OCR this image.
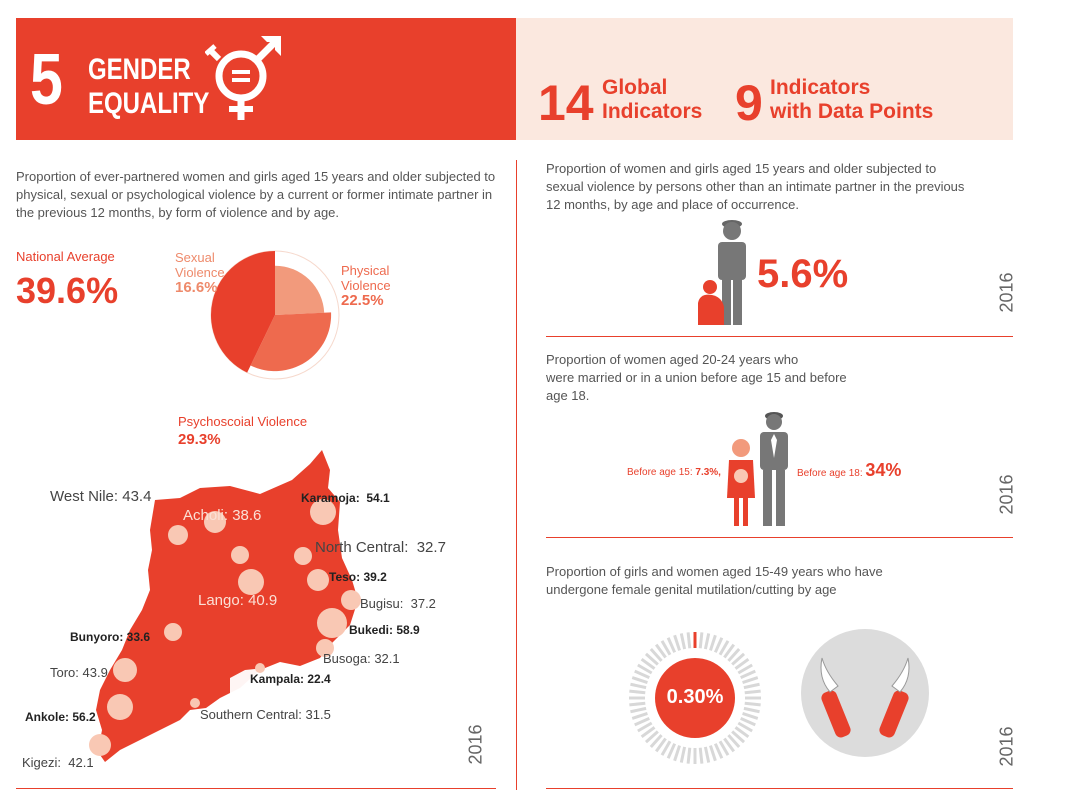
5 GENDER
EQUALITY	14 Global
Indicators 9 Indicators
with Data Points
Proportion of ever-partnered women and girls aged 15 years and older subjected to physical, sexual or psychological violence by a current or former intimate partner in the previous 12 months, by form of violence and by age.
National Average
39.6%
Sexual
Violence
16.6%
Physical
Violence
22.5%
Psychoscoial Violence
29.3%
West Nile: 43.4
Acholi: 38.6
Karamoja: 54.1
North Central: 32.7
Teso: 39.2
Lango: 40.9	Bugisu: 37.2
Bunyoro: 33.6	Bukedi: 58.9
Busoga: 32.1
Toro: 43.9	Kampala: 22.4
Southern Central: 31.5
Ankole: 56.2
Kigezi: 42.1	2016
Proportion of women and girls aged 15 years and older subjected to sexual violence by persons other than an intimate partner in the previous 12 months, by age and place of occurrence.
5.6%	2016
Proportion of women aged 20-24 years who
were married or in a union before age 15 and before
age 18.
Before age 15: 7.3%,	Before age 18: 34%
2016
Proportion of girls and women aged 15-49 years who have
undergone female genital mutilation/cutting by age
0.30%
2016
